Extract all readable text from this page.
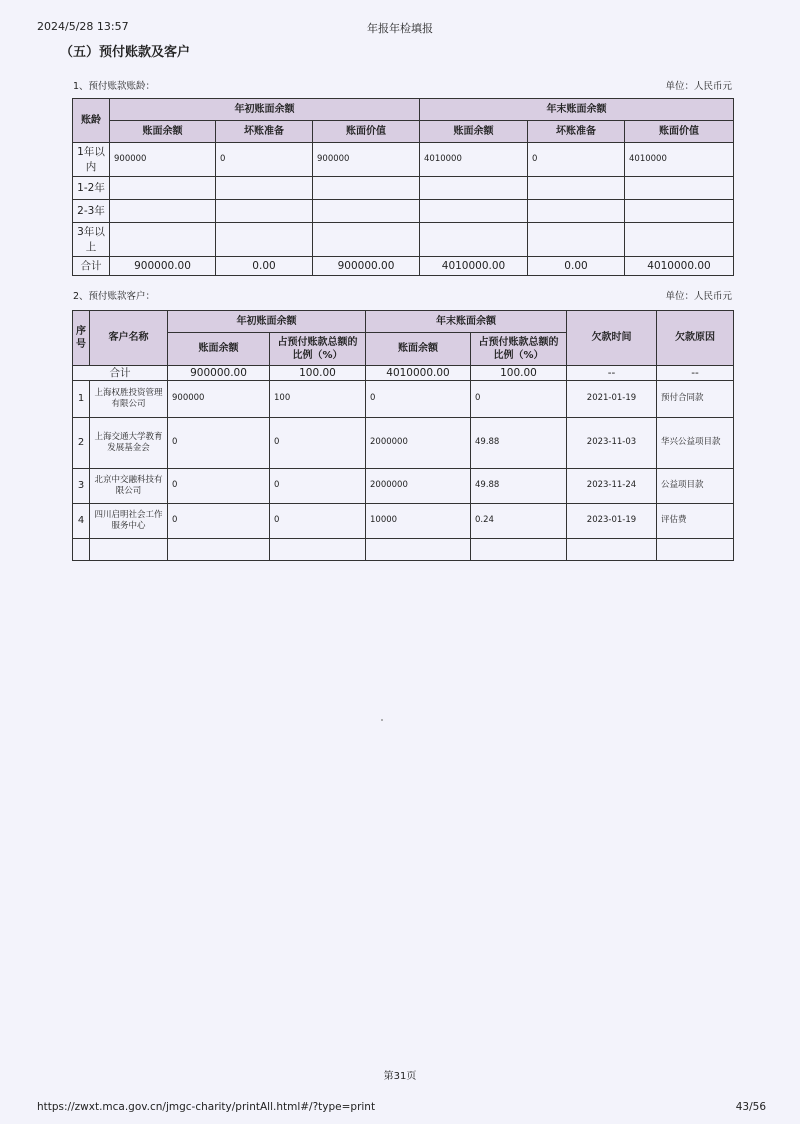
2024/5/28 13:57	年报年检填报
（五）预付账款及客户
1、预付账款账龄：	单位：人民币元
账龄	年初账面余额			年末账面余额		
	账面余额	坏账准备	账面价值	账面余额	坏账准备	账面价值
1年以内	900000	0	900000	4010000	0	4010000
1-2年						
2-3年						
3年以上						
合计	900000.00	0.00	900000.00	4010000.00	0.00	4010000.00
2、预付账款客户：	单位：人民币元
序号	客户名称	年初账面余额		年末账面余额		欠款时间	欠款原因
		账面余额	占预付账款总额的比例（%）	账面余额	占预付账款总额的比例（%）		
合计		900000.00	100.00	4010000.00	100.00	--	--
1	上海权胜投资管理有限公司	900000	100	0	0	2021-01-19	预付合同款
2	上海交通大学教育发展基金会	0	0	2000000	49.88	2023-11-03	华兴公益项目款
3	北京中交融科技有限公司	0	0	2000000	49.88	2023-11-24	公益项目款
4	四川启明社会工作服务中心	0	0	10000	0.24	2023-01-19	评估费

第31页
https://zwxt.mca.gov.cn/jmgc-charity/printAll.html#/?type=print	43/56
